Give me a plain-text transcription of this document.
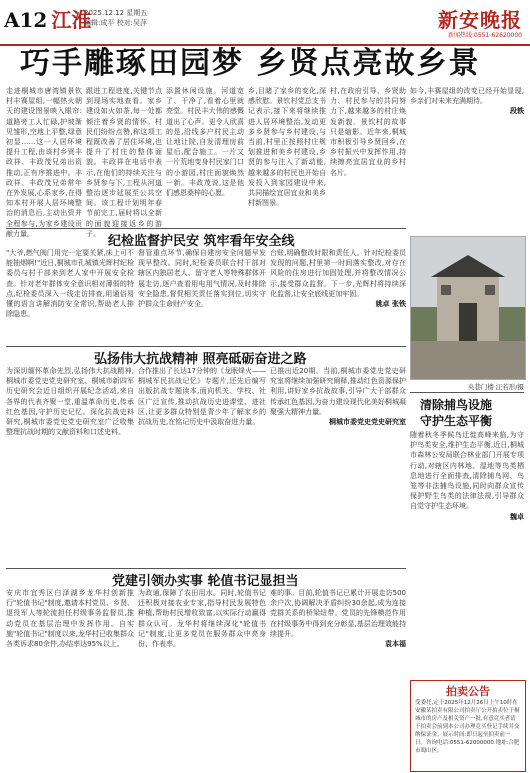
A12 江淮
2025.12.12 星期五
编辑:成平 校对:吴萍	新安晚报
新闻热线:0551-62620000
巧手雕琢田园梦 乡贤点亮故乡景

走进桐城市唐湾镇景钦村丰赛屋组,一幅热火朝天的建设图景映入眼帘:道路旁工人忙碌,护坡渐见雏形,空地上平整,绿意初显……这一人居环境提升工程,由该村乡贤丰政祥、丰政茂兄弟出资推动,正有序推进中。丰政祥、丰政茂兄弟常年在外发展,心系家乡,在得知本村开展人居环境整治的消息后,主动出资并全程参与,为家乡建设贡献力量。

跟进工程进度,关键节点到现场实地查看。家乡建设如火如荼,每一处都倾注着乡贤的情怀。村民们纷纷点赞,称这项工程既改善了居住环境,也提升了村庄的整体面貌。丰政祥在电话中表示,在他们的持续关注与乡贤参与下,工程从河道整治逐步延展至公共空间。该工程计划明年春节前完工,届时将以全新的面貌迎接返乡的游子。

添置休闲设施。河道宽了、干净了,看着心里就亮堂。村民丰大伟的感慨道出了心声。更令人欣喜的是,沿线多户村民主动让地让院,自发清理房前屋后,配合施工。一片又一片荒地变身村民家门口的小游园,村庄面貌焕然一新。丰政茂说,这是他们感恩桑梓的心愿。

乡,目睹了家乡的变化,深感欣慰。景钦村党总支书记表示,接下来将继续推进人居环境整治,发动更多乡贤参与乡村建设,与当前,村里正按照村庄规划推进和美乡村建设,乡贤的参与注入了新动能,越来越多的村民也开始自发投入到家园建设中来,共同描绘宜居宜业和美乡村新图景。

村,在政府引导、乡贤助力、村民参与的共同努力下,越来越多的村庄焕发新貌。景钦村的故事只是缩影。近年来,桐城市积极引导乡贤回乡,在乡村振兴中发挥作用,持续擦亮宜居宜业的乡村名片。

如今,丰赛屋组的改变已经开始显现,乡亲们对未来充满期待。

段轶

纪检监督护民安 筑牢看年安全线

"大爷,燃气阀门用完一定要关紧,床上可不能抽烟啊!"近日,桐城市孔城镇光辉村纪检委员与村干部来到老人家中开展安全检查。针对老年群体安全意识相对薄弱的特点,纪检委员深入一线走访排查,用通俗易懂的语言讲解消防安全常识,帮助老人排除隐患。

督管重点环节,确保自建房安全问题早发现早整改。同时,纪检委员联合村干部对辖区内独居老人、留守老人等特殊群体开展走访,逐户查看用电用气情况,及时排除安全隐患,督促相关责任落实到位,切实守护群众生命财产安全。

台账,明确整改时限和责任人。针对纪检委员发现的问题,村里第一时间落实整改,对存在风险的住房进行加固处理,并将整改情况公示,接受群众监督。下一步,光辉村将持续深化监督,让安全底线更加牢固。

姚卓 张铁

弘扬伟大抗战精神 照亮砥砺奋进之路

为深切缅怀革命先烈,弘扬伟大抗战精神,桐城市委党史党史研究室、桐城市新四军历史研究会近日组织开展纪念活动,来自各界的代表齐聚一堂,重温革命历史,传承红色基因,守护历史记忆。深化抗战史料研究,桐城市委党史党史研究室广泛收集整理抗战时期的文献资料和口述史料。

合作推出了长达17分钟的《龙眠烽火——桐城军民抗战记忆》专题片,还先后编写出版抗战专题读本,面向机关、学校、社区广泛宣传,推动抗战历史进课堂、进社区,让更多群众特别是青少年了解家乡的抗战历史,在铭记历史中汲取奋进力量。

已推出近20期。当前,桐城市委党史党史研究室将继续加强研究阐释,推动红色资源保护利用,讲好家乡抗战故事,引导广大干部群众传承红色基因,为奋力建设现代化美好桐城凝聚强大精神力量。

桐城市委党史党史研究室

党建引领办实事 轮值书记显担当

安庆市宜秀区白泽湖乡龙华村创新推行"轮值书记"制度,邀请本村党员、乡贤、退役军人等轮流担任村级事务监督员,推动党员在基层治理中发挥作用。自实施"轮值书记"制度以来,龙华村已收集群众各类诉求80余件,办结率达95%以上。

为政通,保障了农田用水。同时,轮值书记还积极对接农业专家,指导村民发展特色种植,帮助村民增收致富,以实际行动赢得群众认可。龙华村将继续深化"轮值书记"制度,让更多党员在服务群众中亮身份、作表率。

难的事。目前,轮值书记已累计开展走访500余户次,协调解决矛盾纠纷30余起,成为连接党群关系的桥梁纽带。党员的先锋模范作用在村级事务中得到充分彰显,基层治理效能持续提升。

袁本福

央巷门楼 汪若形/摄
清除捕鸟设施
守护生态平衡

随着秋冬季候鸟迁徙高峰来临,为守护鸟类安全,维护生态平衡,近日,桐城市森林公安局联合林业部门开展专项行动,对辖区内林地、湿地等鸟类栖息地进行全面排查,清除捕鸟网、鸟笼等非法捕鸟设施,同时向群众宣传保护野生鸟类的法律法规,引导群众自觉守护生态环境。

魏卓

拍卖公告
受委托,定于2025年12月26日上午10时在安徽某拍卖有限公司拍卖厅公开拍卖位于桐城市的房产及相关资产一批,有意竞买者请于拍卖会前到本公司办理竞买登记手续并交纳保证金。展示时间:即日起至拍卖前一日。咨询电话:0551-62000000 地址:合肥市蜀山区。
